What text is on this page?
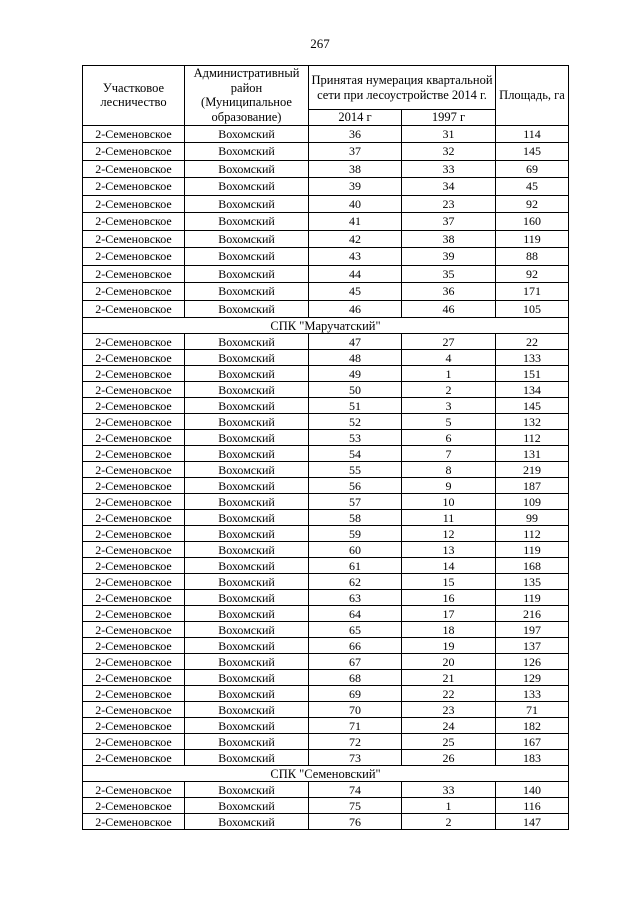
267
Участковое лесничество	Административный район (Муниципальное образование)	Принятая нумерация квартальной сети при лесоустройстве 2014 г.		Площадь, га
		2014 г	1997 г	
2-Семеновское	Вохомский	36	31	114
2-Семеновское	Вохомский	37	32	145
2-Семеновское	Вохомский	38	33	69
2-Семеновское	Вохомский	39	34	45
2-Семеновское	Вохомский	40	23	92
2-Семеновское	Вохомский	41	37	160
2-Семеновское	Вохомский	42	38	119
2-Семеновское	Вохомский	43	39	88
2-Семеновское	Вохомский	44	35	92
2-Семеновское	Вохомский	45	36	171
2-Семеновское	Вохомский	46	46	105
СПК "Маручатский"				
2-Семеновское	Вохомский	47	27	22
2-Семеновское	Вохомский	48	4	133
2-Семеновское	Вохомский	49	1	151
2-Семеновское	Вохомский	50	2	134
2-Семеновское	Вохомский	51	3	145
2-Семеновское	Вохомский	52	5	132
2-Семеновское	Вохомский	53	6	112
2-Семеновское	Вохомский	54	7	131
2-Семеновское	Вохомский	55	8	219
2-Семеновское	Вохомский	56	9	187
2-Семеновское	Вохомский	57	10	109
2-Семеновское	Вохомский	58	11	99
2-Семеновское	Вохомский	59	12	112
2-Семеновское	Вохомский	60	13	119
2-Семеновское	Вохомский	61	14	168
2-Семеновское	Вохомский	62	15	135
2-Семеновское	Вохомский	63	16	119
2-Семеновское	Вохомский	64	17	216
2-Семеновское	Вохомский	65	18	197
2-Семеновское	Вохомский	66	19	137
2-Семеновское	Вохомский	67	20	126
2-Семеновское	Вохомский	68	21	129
2-Семеновское	Вохомский	69	22	133
2-Семеновское	Вохомский	70	23	71
2-Семеновское	Вохомский	71	24	182
2-Семеновское	Вохомский	72	25	167
2-Семеновское	Вохомский	73	26	183
СПК "Семеновский"				
2-Семеновское	Вохомский	74	33	140
2-Семеновское	Вохомский	75	1	116
2-Семеновское	Вохомский	76	2	147
